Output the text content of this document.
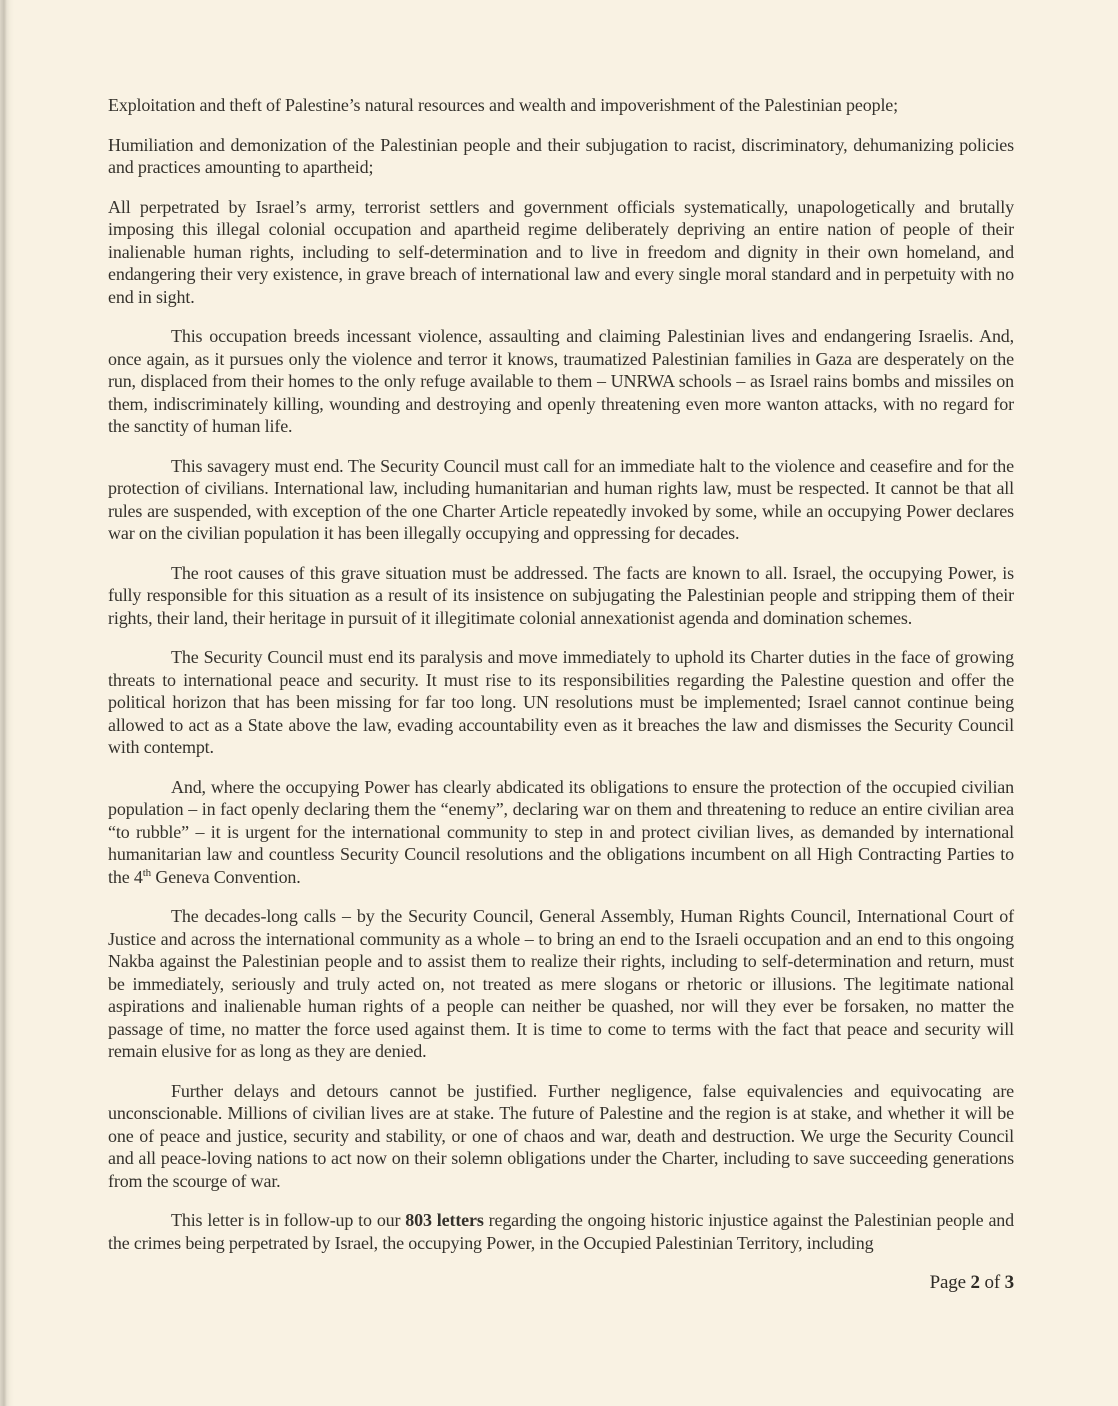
Exploitation and theft of Palestine’s natural resources and wealth and impoverishment of the Palestinian people;

Humiliation and demonization of the Palestinian people and their subjugation to racist, discriminatory, dehumanizing policies and practices amounting to apartheid;

All perpetrated by Israel’s army, terrorist settlers and government officials systematically, unapologetically and brutally imposing this illegal colonial occupation and apartheid regime deliberately depriving an entire nation of people of their inalienable human rights, including to self-determination and to live in freedom and dignity in their own homeland, and endangering their very existence, in grave breach of international law and every single moral standard and in perpetuity with no end in sight.

This occupation breeds incessant violence, assaulting and claiming Palestinian lives and endangering Israelis. And, once again, as it pursues only the violence and terror it knows, traumatized Palestinian families in Gaza are desperately on the run, displaced from their homes to the only refuge available to them – UNRWA schools – as Israel rains bombs and missiles on them, indiscriminately killing, wounding and destroying and openly threatening even more wanton attacks, with no regard for the sanctity of human life.

This savagery must end. The Security Council must call for an immediate halt to the violence and ceasefire and for the protection of civilians. International law, including humanitarian and human rights law, must be respected. It cannot be that all rules are suspended, with exception of the one Charter Article repeatedly invoked by some, while an occupying Power declares war on the civilian population it has been illegally occupying and oppressing for decades.

The root causes of this grave situation must be addressed. The facts are known to all. Israel, the occupying Power, is fully responsible for this situation as a result of its insistence on subjugating the Palestinian people and stripping them of their rights, their land, their heritage in pursuit of it illegitimate colonial annexationist agenda and domination schemes.

The Security Council must end its paralysis and move immediately to uphold its Charter duties in the face of growing threats to international peace and security. It must rise to its responsibilities regarding the Palestine question and offer the political horizon that has been missing for far too long. UN resolutions must be implemented; Israel cannot continue being allowed to act as a State above the law, evading accountability even as it breaches the law and dismisses the Security Council with contempt.

And, where the occupying Power has clearly abdicated its obligations to ensure the protection of the occupied civilian population – in fact openly declaring them the “enemy”, declaring war on them and threatening to reduce an entire civilian area “to rubble” – it is urgent for the international community to step in and protect civilian lives, as demanded by international humanitarian law and countless Security Council resolutions and the obligations incumbent on all High Contracting Parties to the 4th Geneva Convention.

The decades-long calls – by the Security Council, General Assembly, Human Rights Council, International Court of Justice and across the international community as a whole – to bring an end to the Israeli occupation and an end to this ongoing Nakba against the Palestinian people and to assist them to realize their rights, including to self-determination and return, must be immediately, seriously and truly acted on, not treated as mere slogans or rhetoric or illusions. The legitimate national aspirations and inalienable human rights of a people can neither be quashed, nor will they ever be forsaken, no matter the passage of time, no matter the force used against them. It is time to come to terms with the fact that peace and security will remain elusive for as long as they are denied.

Further delays and detours cannot be justified. Further negligence, false equivalencies and equivocating are unconscionable. Millions of civilian lives are at stake. The future of Palestine and the region is at stake, and whether it will be one of peace and justice, security and stability, or one of chaos and war, death and destruction. We urge the Security Council and all peace-loving nations to act now on their solemn obligations under the Charter, including to save succeeding generations from the scourge of war.

This letter is in follow-up to our 803 letters regarding the ongoing historic injustice against the Palestinian people and the crimes being perpetrated by Israel, the occupying Power, in the Occupied Palestinian Territory, including

Page 2 of 3
